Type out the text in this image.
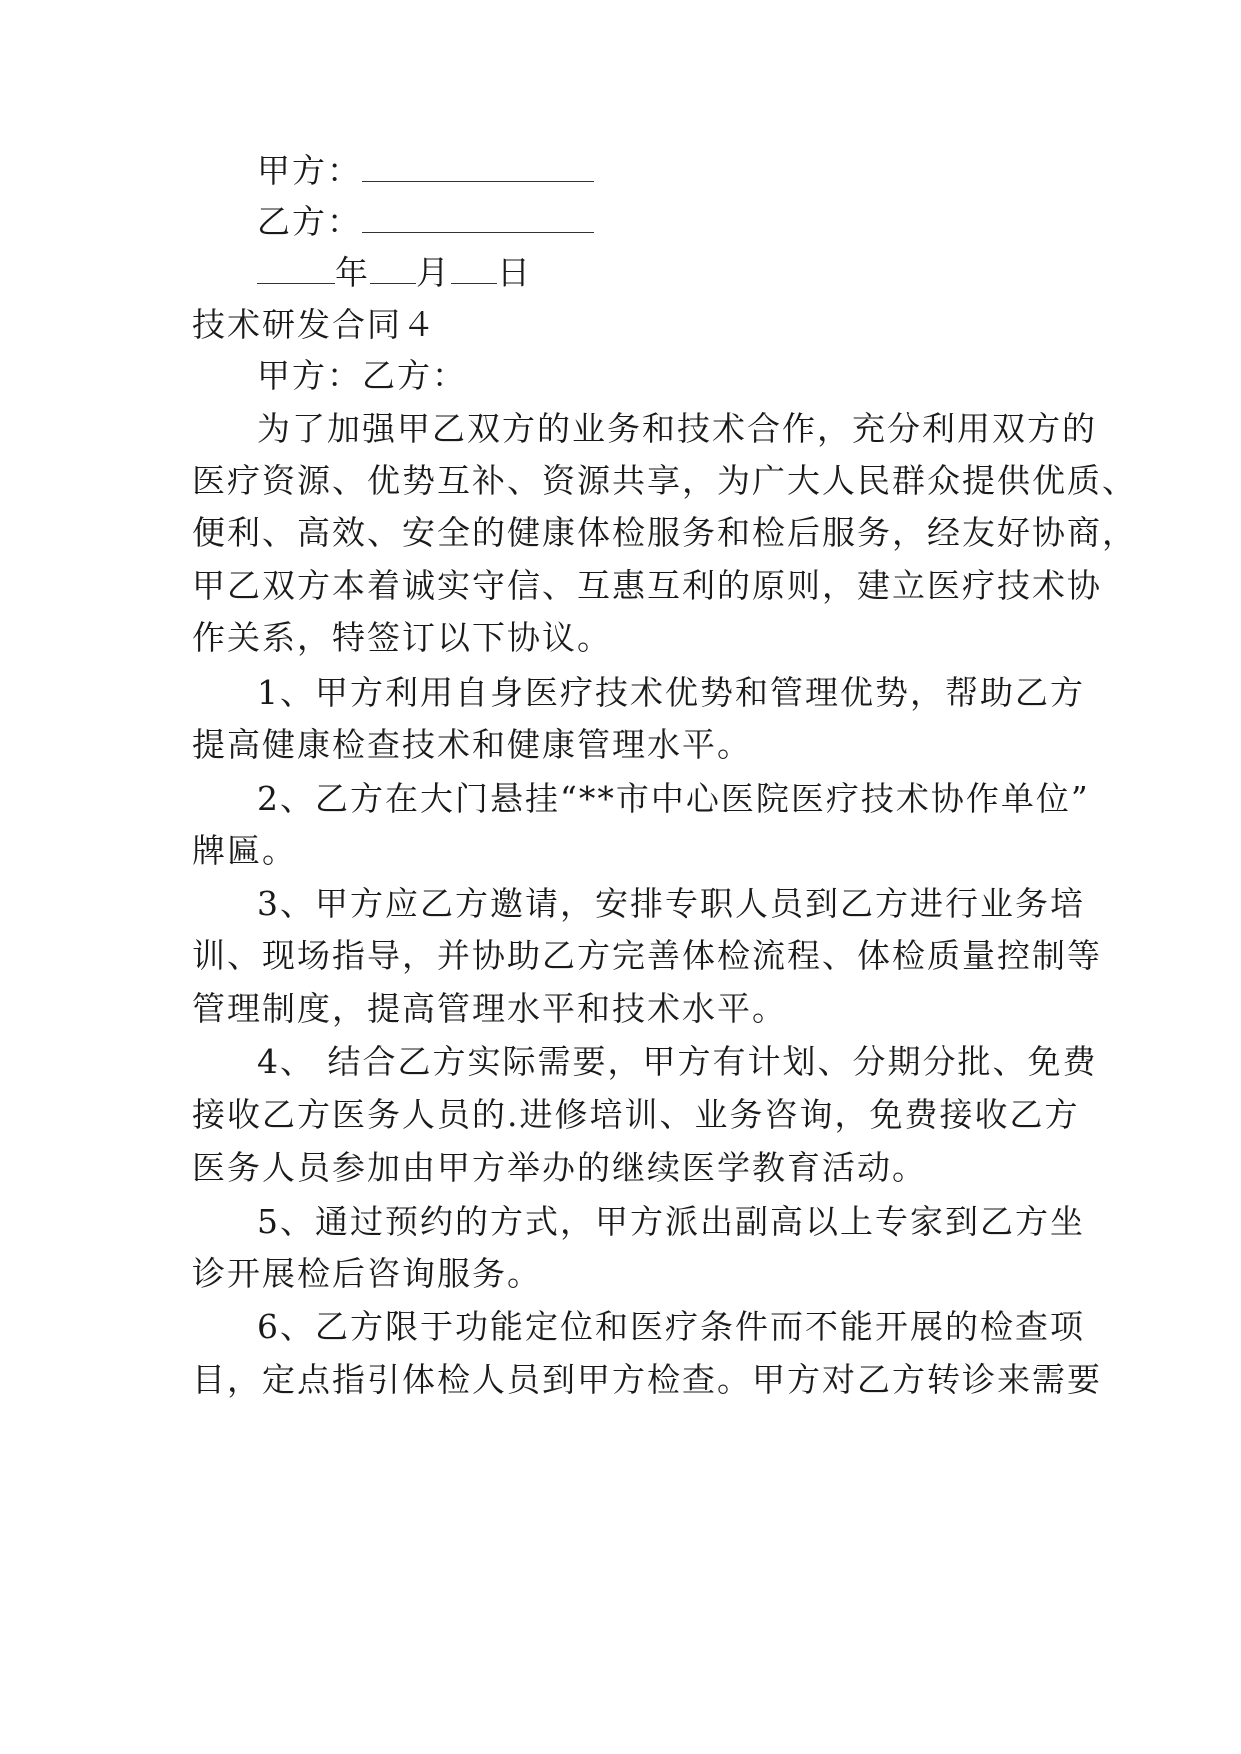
甲方：
乙方：
年 月 日
技术研发合同４
甲方：乙方：
为了加强甲乙双方的业务和技术合作，充分利用双方的
医疗资源、优势互补、资源共享，为广大人民群众提供优质、
便利、高效、安全的健康体检服务和检后服务，经友好协商，
甲乙双方本着诚实守信、互惠互利的原则，建立医疗技术协
作关系，特签订以下协议。
1、甲方利用自身医疗技术优势和管理优势，帮助乙方
提高健康检查技术和健康管理水平。
2、乙方在大门悬挂“**市中心医院医疗技术协作单位”
牌匾。
3、甲方应乙方邀请，安排专职人员到乙方进行业务培
训、现场指导，并协助乙方完善体检流程、体检质量控制等
管理制度，提高管理水平和技术水平。
4、 结合乙方实际需要，甲方有计划、分期分批、免费
接收乙方医务人员的.进修培训、业务咨询，免费接收乙方
医务人员参加由甲方举办的继续医学教育活动。
5、通过预约的方式，甲方派出副高以上专家到乙方坐
诊开展检后咨询服务。
6、乙方限于功能定位和医疗条件而不能开展的检查项
目，定点指引体检人员到甲方检查。甲方对乙方转诊来需要
